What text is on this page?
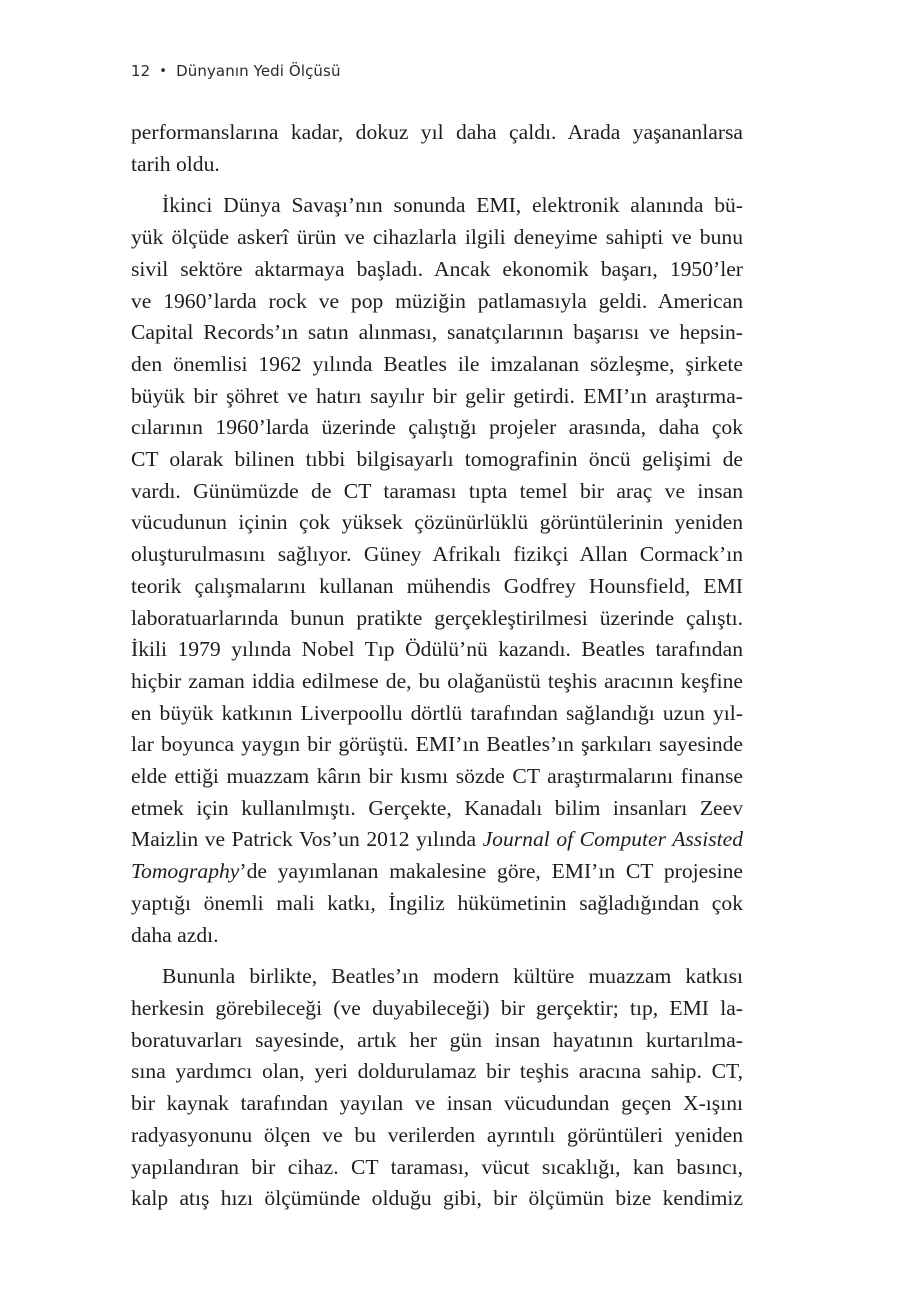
12 • Dünyanın Yedi Ölçüsü

performanslarına kadar, dokuz yıl daha çaldı. Arada yaşananlarsa
tarih oldu.

İkinci Dünya Savaşı’nın sonunda EMI, elektronik alanında bü-
yük ölçüde askerî ürün ve cihazlarla ilgili deneyime sahipti ve bunu
sivil sektöre aktarmaya başladı. Ancak ekonomik başarı, 1950’ler
ve 1960’larda rock ve pop müziğin patlamasıyla geldi. American
Capital Records’ın satın alınması, sanatçılarının başarısı ve hepsin-
den önemlisi 1962 yılında Beatles ile imzalanan sözleşme, şirkete
büyük bir şöhret ve hatırı sayılır bir gelir getirdi. EMI’ın araştırma-
cılarının 1960’larda üzerinde çalıştığı projeler arasında, daha çok
CT olarak bilinen tıbbi bilgisayarlı tomografinin öncü gelişimi de
vardı. Günümüzde de CT taraması tıpta temel bir araç ve insan
vücudunun içinin çok yüksek çözünürlüklü görüntülerinin yeniden
oluşturulmasını sağlıyor. Güney Afrikalı fizikçi Allan Cormack’ın
teorik çalışmalarını kullanan mühendis Godfrey Hounsfield, EMI
laboratuarlarında bunun pratikte gerçekleştirilmesi üzerinde çalıştı.
İkili 1979 yılında Nobel Tıp Ödülü’nü kazandı. Beatles tarafından
hiçbir zaman iddia edilmese de, bu olağanüstü teşhis aracının keşfine
en büyük katkının Liverpoollu dörtlü tarafından sağlandığı uzun yıl-
lar boyunca yaygın bir görüştü. EMI’ın Beatles’ın şarkıları sayesinde
elde ettiği muazzam kârın bir kısmı sözde CT araştırmalarını finanse
etmek için kullanılmıştı. Gerçekte, Kanadalı bilim insanları Zeev
Maizlin ve Patrick Vos’un 2012 yılında Journal of Computer Assisted
Tomography’de yayımlanan makalesine göre, EMI’ın CT projesine
yaptığı önemli mali katkı, İngiliz hükümetinin sağladığından çok
daha azdı.

Bununla birlikte, Beatles’ın modern kültüre muazzam katkısı
herkesin görebileceği (ve duyabileceği) bir gerçektir; tıp, EMI la-
boratuvarları sayesinde, artık her gün insan hayatının kurtarılma-
sına yardımcı olan, yeri doldurulamaz bir teşhis aracına sahip. CT,
bir kaynak tarafından yayılan ve insan vücudundan geçen X-ışını
radyasyonunu ölçen ve bu verilerden ayrıntılı görüntüleri yeniden
yapılandıran bir cihaz. CT taraması, vücut sıcaklığı, kan basıncı,
kalp atış hızı ölçümünde olduğu gibi, bir ölçümün bize kendimiz
